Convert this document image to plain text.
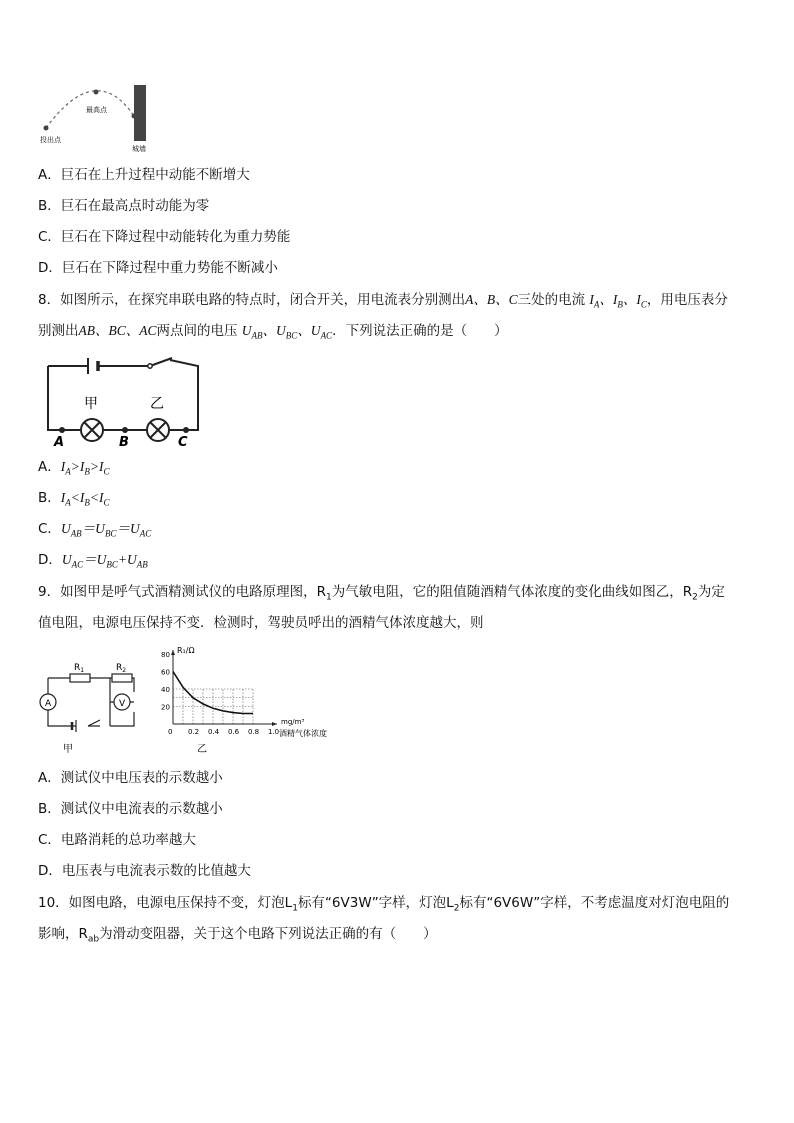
投出点
最高点
城墙
A．巨石在上升过程中动能不断增大
B．巨石在最高点时动能为零
C．巨石在下降过程中动能转化为重力势能
D．巨石在下降过程中重力势能不断减小
8．如图所示，在探究串联电路的特点时，闭合开关，用电流表分别测出A、B、C三处的电流 $I_A$、$I_B$、$I_C$，用电压表分
别测出AB、BC、AC两点间的电压 $U_{AB}$、$U_{BC}$、$U_{AC}$．下列说法正确的是（　　）
甲	乙
A	B	C
A．$I_A>I_B>I_C$
B．$I_A<I_B<I_C$
C．$U_{AB}=U_{BC}=U_{AC}$
D．$U_{AC}=U_{BC}+U_{AB}$
9．如图甲是呼气式酒精测试仪的电路原理图，$R_1$为气敏电阻，它的阻值随酒精气体浓度的变化曲线如图乙，$R_2$为定
值电阻，电源电压保持不变．检测时，驾驶员呼出的酒精气体浓度越大，则
A	V
$R_1$	$R_2$
甲
R₁/Ω
mg/m³
酒精气体浓度
0 0.2 0.4 0.6 0.8 1.0
20
40
60
80
乙
A．测试仪中电压表的示数越小
B．测试仪中电流表的示数越小
C．电路消耗的总功率越大
D．电压表与电流表示数的比值越大
10．如图电路，电源电压保持不变，灯泡$L_1$标有“6V3W”字样，灯泡$L_2$标有“6V6W”字样，不考虑温度对灯泡电阻的
影响，$R_{ab}$为滑动变阻器，关于这个电路下列说法正确的有（　　）
